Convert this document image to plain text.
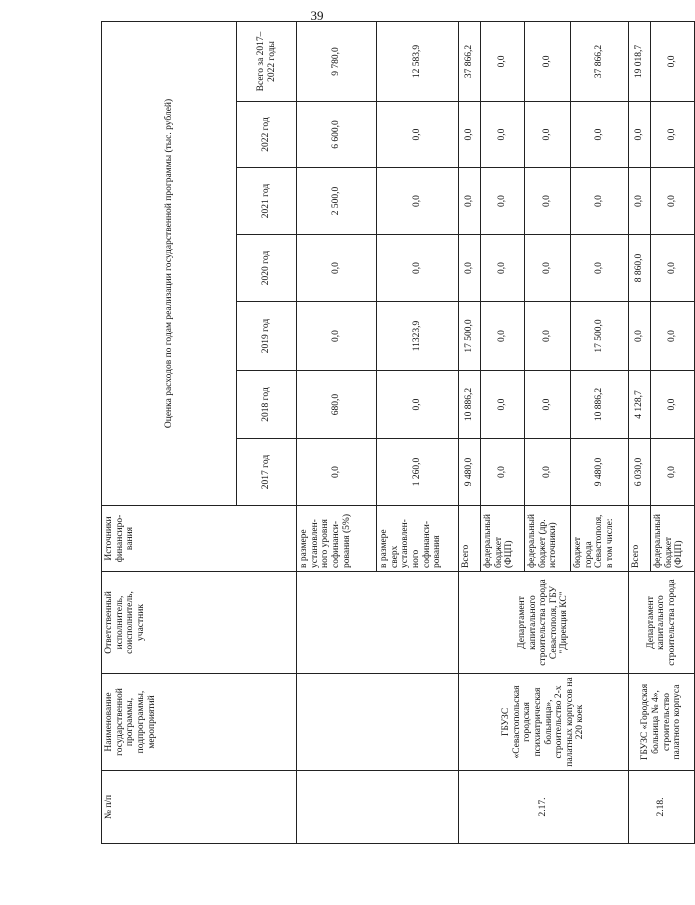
39
№ п/п	Наименование государственной программы, подпрограммы, мероприятий	Ответственный исполнитель, соисполнитель, участник	Источники финансиро-вания	Оценка расходов по годам реализации государственной программы (тыс. рублей)						
				2017 год	2018 год	2019 год	2020 год	2021 год	2022 год	Всего за 2017–2022 годы
			в размере установлен-ного уровня софинанси-рования (5%)	0,0	680,0	0,0	0,0	2 500,0	6 600,0	9 780,0
			в размере сверх установлен-ного софинанси-рования	1 260,0	0,0	11323,9	0,0	0,0	0,0	12 583,9
2.17.	ГБУЗС «Севастопольская городская психиатрическая больница», строительство 2-х палатных корпусов на 220 коек	Департамент капитального строительства города Севастополя, ГБУ "Дирекция КС"	Всего	9 480,0	10 886,2	17 500,0	0,0	0,0	0,0	37 866,2
			федеральный бюджет (ФЦП)	0,0	0,0	0,0	0,0	0,0	0,0	0,0
			федеральный бюджет (др. источники)	0,0	0,0	0,0	0,0	0,0	0,0	0,0
			бюджет города Севастополя, в том числе:	9 480,0	10 886,2	17 500,0	0,0	0,0	0,0	37 866,2
2.18.	ГБУЗС «Городская больница № 4», строительство палатного корпуса	Департамент капитального строительства города	Всего	6 030,0	4 128,7	0,0	8 860,0	0,0	0,0	19 018,7
			федеральный бюджет (ФЦП)	0,0	0,0	0,0	0,0	0,0	0,0	0,0
